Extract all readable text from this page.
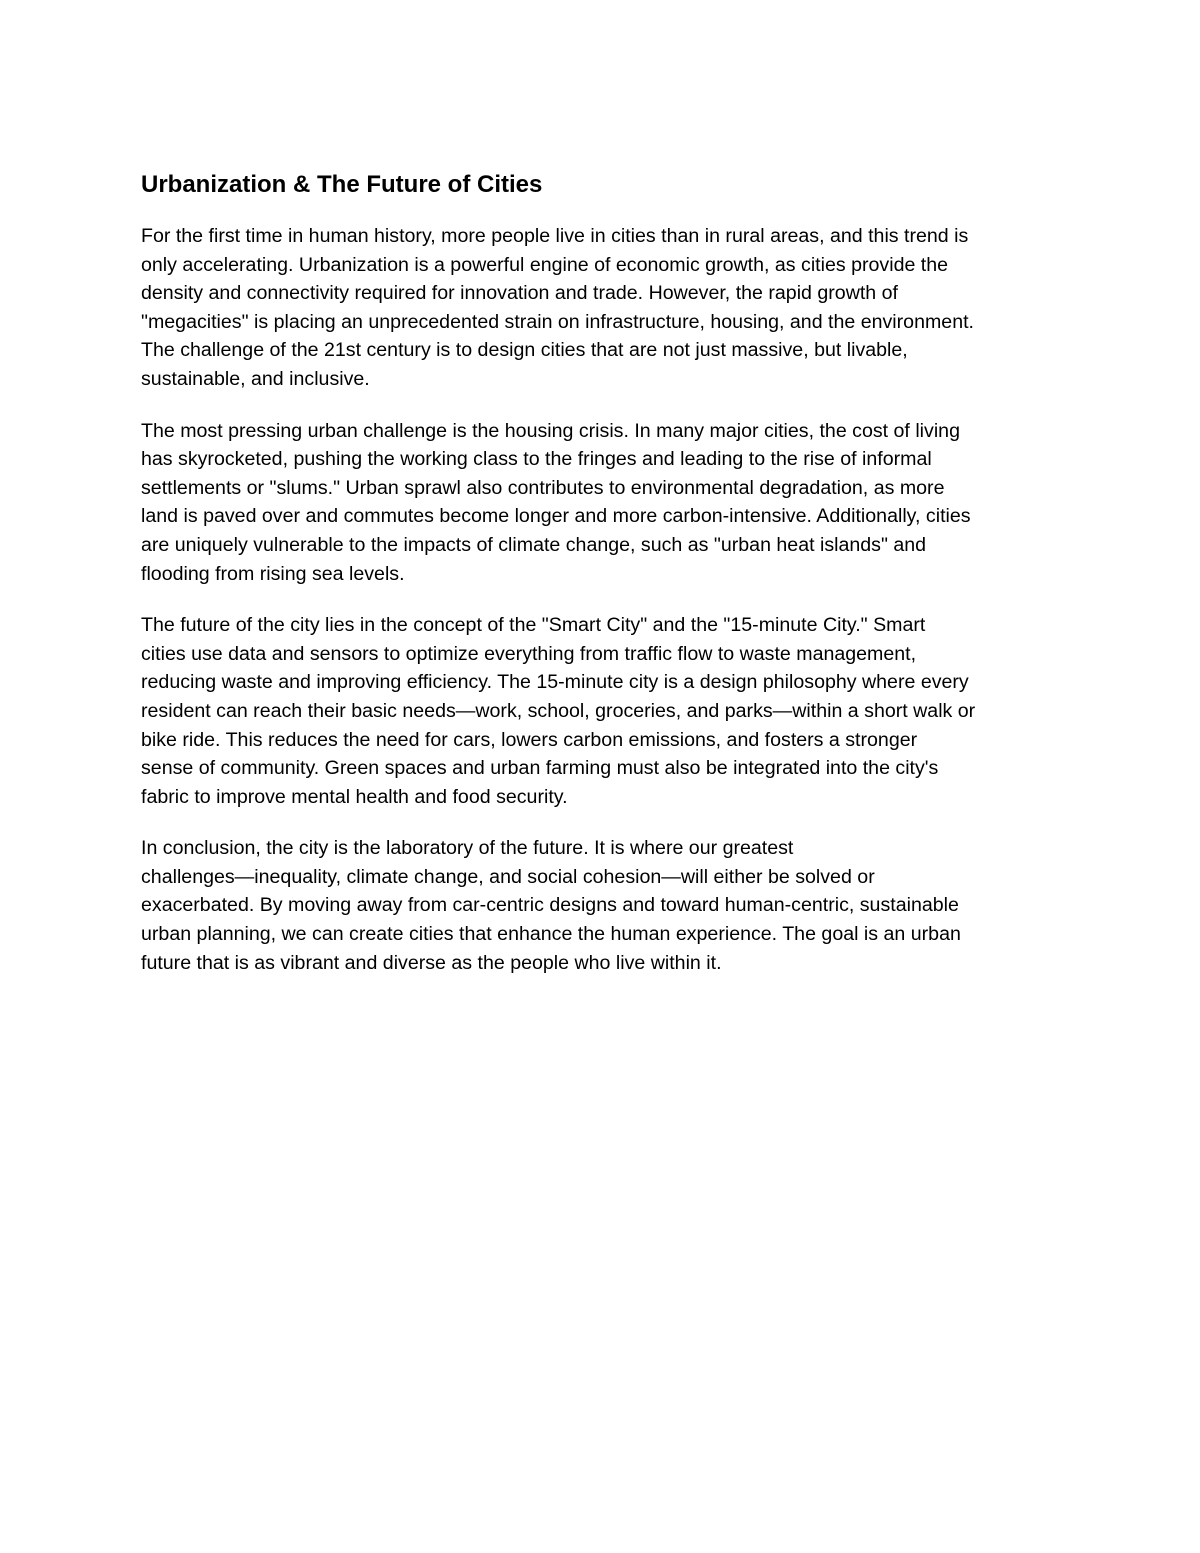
Urbanization & The Future of Cities

For the first time in human history, more people live in cities than in rural areas, and this trend is
only accelerating. Urbanization is a powerful engine of economic growth, as cities provide the
density and connectivity required for innovation and trade. However, the rapid growth of
"megacities" is placing an unprecedented strain on infrastructure, housing, and the environment.
The challenge of the 21st century is to design cities that are not just massive, but livable,
sustainable, and inclusive.

The most pressing urban challenge is the housing crisis. In many major cities, the cost of living
has skyrocketed, pushing the working class to the fringes and leading to the rise of informal
settlements or "slums." Urban sprawl also contributes to environmental degradation, as more
land is paved over and commutes become longer and more carbon-intensive. Additionally, cities
are uniquely vulnerable to the impacts of climate change, such as "urban heat islands" and
flooding from rising sea levels.

The future of the city lies in the concept of the "Smart City" and the "15-minute City." Smart
cities use data and sensors to optimize everything from traffic flow to waste management,
reducing waste and improving efficiency. The 15-minute city is a design philosophy where every
resident can reach their basic needs—work, school, groceries, and parks—within a short walk or
bike ride. This reduces the need for cars, lowers carbon emissions, and fosters a stronger
sense of community. Green spaces and urban farming must also be integrated into the city's
fabric to improve mental health and food security.

In conclusion, the city is the laboratory of the future. It is where our greatest
challenges—inequality, climate change, and social cohesion—will either be solved or
exacerbated. By moving away from car-centric designs and toward human-centric, sustainable
urban planning, we can create cities that enhance the human experience. The goal is an urban
future that is as vibrant and diverse as the people who live within it.
